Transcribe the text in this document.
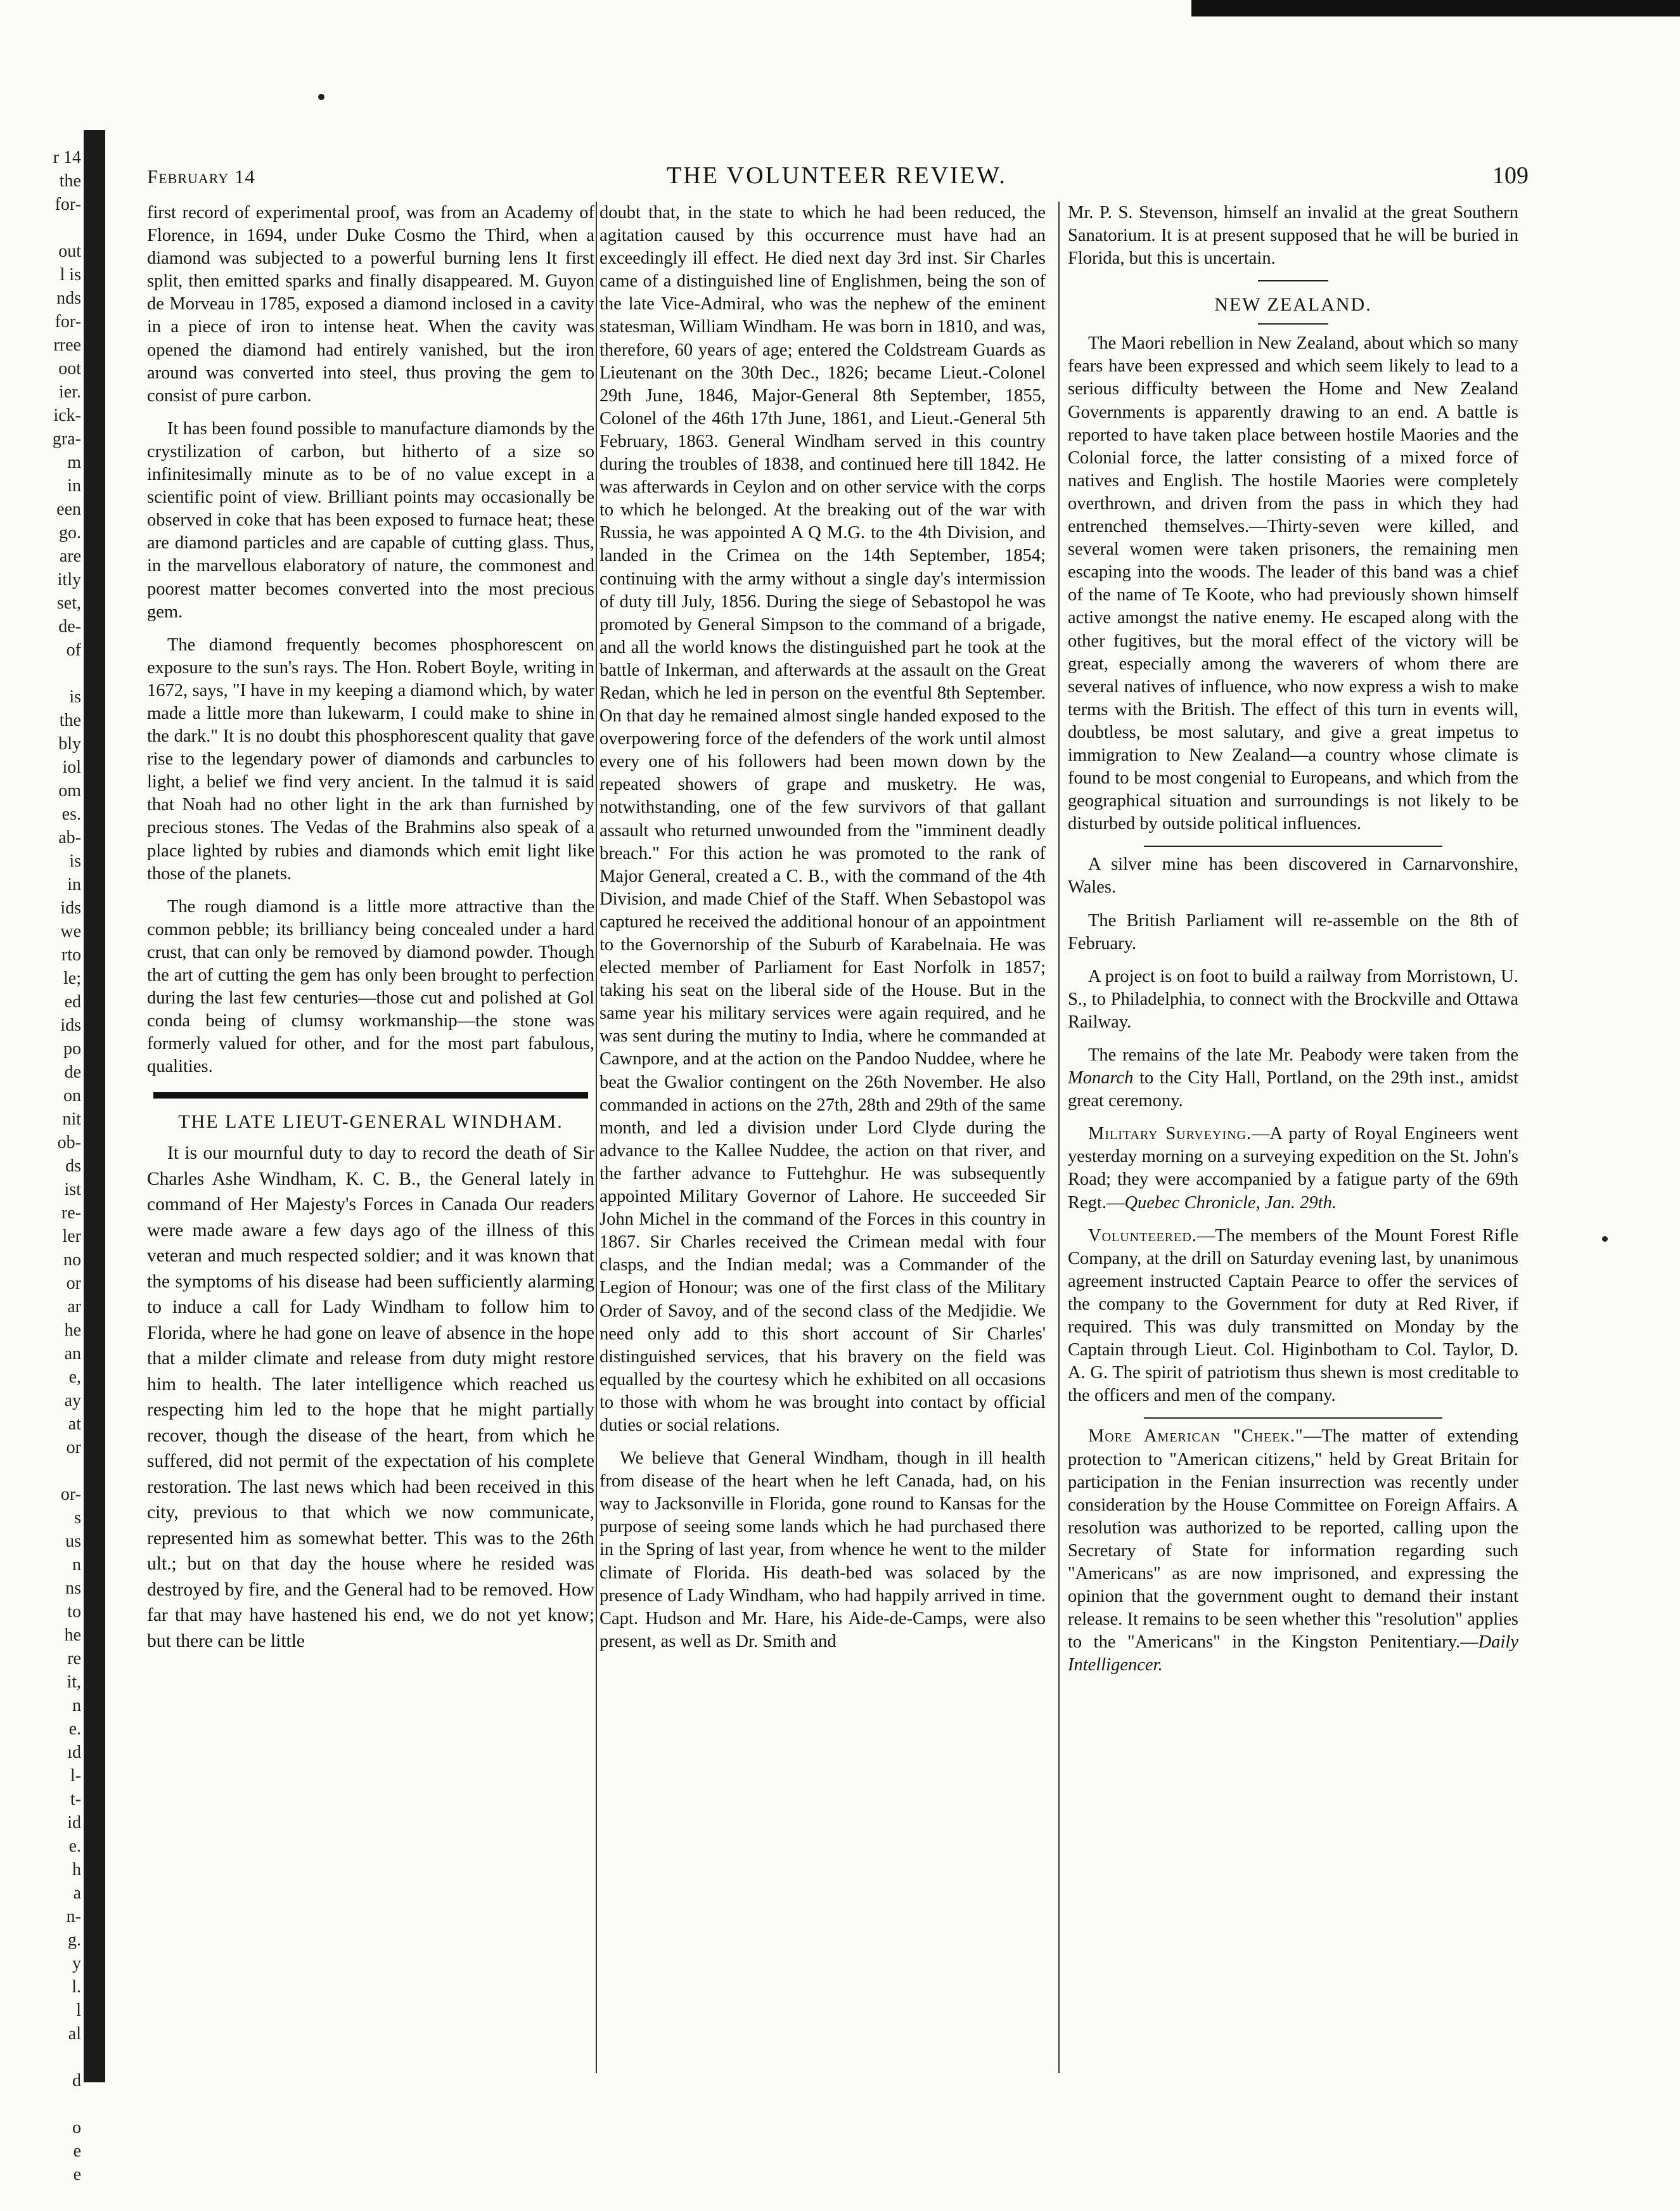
r 14
the
for-

out
l is
nds
for-
rree
oot
ier.
ick-
gra-
m
in
een
go.
are
itly
set,
de-
of

is
the
bly
iol
om
es.
ab-
is
in
ids
we
rto
le;
ed
ids
po
de
on
nit
ob-
ds
ist
re-
ler
no
or
ar
he
an
e,
ay
at
or

or-
s
us
n
ns
to
he
re
it,
n
e.
ıd
l-
t-
id
e.
h
a
n-
g.
y
l.
l
al

d

o
e
e
February 14	THE VOLUNTEER REVIEW.	109

first record of experimental proof, was from an Academy of Florence, in 1694, under Duke Cosmo the Third, when a diamond was subjected to a powerful burning lens It first split, then emitted sparks and finally disappeared. M. Guyon de Morveau in 1785, exposed a diamond inclosed in a cavity in a piece of iron to intense heat. When the cavity was opened the diamond had entirely vanished, but the iron around was converted into steel, thus proving the gem to consist of pure carbon.

It has been found possible to manufacture diamonds by the crystilization of carbon, but hitherto of a size so infinitesimally minute as to be of no value except in a scientific point of view. Brilliant points may occasionally be observed in coke that has been exposed to furnace heat; these are diamond particles and are capable of cutting glass. Thus, in the marvellous elaboratory of nature, the commonest and poorest matter becomes converted into the most precious gem.

The diamond frequently becomes phosphorescent on exposure to the sun's rays. The Hon. Robert Boyle, writing in 1672, says, "I have in my keeping a diamond which, by water made a little more than lukewarm, I could make to shine in the dark." It is no doubt this phosphorescent quality that gave rise to the legendary power of diamonds and carbuncles to light, a belief we find very ancient. In the talmud it is said that Noah had no other light in the ark than furnished by precious stones. The Vedas of the Brahmins also speak of a place lighted by rubies and diamonds which emit light like those of the planets.

The rough diamond is a little more attractive than the common pebble; its brilliancy being concealed under a hard crust, that can only be removed by diamond powder. Though the art of cutting the gem has only been brought to perfection during the last few centuries—those cut and polished at Gol conda being of clumsy workmanship—the stone was formerly valued for other, and for the most part fabulous, qualities.

THE LATE LIEUT-GENERAL WINDHAM.

It is our mournful duty to day to record the death of Sir Charles Ashe Windham, K. C. B., the General lately in command of Her Majesty's Forces in Canada Our readers were made aware a few days ago of the illness of this veteran and much respected soldier; and it was known that the symptoms of his disease had been sufficiently alarming to induce a call for Lady Windham to follow him to Florida, where he had gone on leave of absence in the hope that a milder climate and release from duty might restore him to health. The later intelligence which reached us respecting him led to the hope that he might partially recover, though the disease of the heart, from which he suffered, did not permit of the expectation of his complete restoration. The last news which had been received in this city, previous to that which we now communicate, represented him as somewhat better. This was to the 26th ult.; but on that day the house where he resided was destroyed by fire, and the General had to be removed. How far that may have hastened his end, we do not yet know; but there can be little

doubt that, in the state to which he had been reduced, the agitation caused by this occurrence must have had an exceedingly ill effect. He died next day 3rd inst. Sir Charles came of a distinguished line of Englishmen, being the son of the late Vice-Admiral, who was the nephew of the eminent statesman, William Windham. He was born in 1810, and was, therefore, 60 years of age; entered the Coldstream Guards as Lieutenant on the 30th Dec., 1826; became Lieut.-Colonel 29th June, 1846, Major-General 8th September, 1855, Colonel of the 46th 17th June, 1861, and Lieut.-General 5th February, 1863. General Windham served in this country during the troubles of 1838, and continued here till 1842. He was afterwards in Ceylon and on other service with the corps to which he belonged. At the breaking out of the war with Russia, he was appointed A Q M.G. to the 4th Division, and landed in the Crimea on the 14th September, 1854; continuing with the army without a single day's intermission of duty till July, 1856. During the siege of Sebastopol he was promoted by General Simpson to the command of a brigade, and all the world knows the distinguished part he took at the battle of Inkerman, and afterwards at the assault on the Great Redan, which he led in person on the eventful 8th September. On that day he remained almost single handed exposed to the overpowering force of the defenders of the work until almost every one of his followers had been mown down by the repeated showers of grape and musketry. He was, notwithstanding, one of the few survivors of that gallant assault who returned unwounded from the "imminent deadly breach." For this action he was promoted to the rank of Major General, created a C. B., with the command of the 4th Division, and made Chief of the Staff. When Sebastopol was captured he received the additional honour of an appointment to the Governorship of the Suburb of Karabelnaia. He was elected member of Parliament for East Norfolk in 1857; taking his seat on the liberal side of the House. But in the same year his military services were again required, and he was sent during the mutiny to India, where he commanded at Cawnpore, and at the action on the Pandoo Nuddee, where he beat the Gwalior contingent on the 26th November. He also commanded in actions on the 27th, 28th and 29th of the same month, and led a division under Lord Clyde during the advance to the Kallee Nuddee, the action on that river, and the farther advance to Futtehghur. He was subsequently appointed Military Governor of Lahore. He succeeded Sir John Michel in the command of the Forces in this country in 1867. Sir Charles received the Crimean medal with four clasps, and the Indian medal; was a Commander of the Legion of Honour; was one of the first class of the Military Order of Savoy, and of the second class of the Medjidie. We need only add to this short account of Sir Charles' distinguished services, that his bravery on the field was equalled by the courtesy which he exhibited on all occasions to those with whom he was brought into contact by official duties or social relations.

We believe that General Windham, though in ill health from disease of the heart when he left Canada, had, on his way to Jacksonville in Florida, gone round to Kansas for the purpose of seeing some lands which he had purchased there in the Spring of last year, from whence he went to the milder climate of Florida. His death-bed was solaced by the presence of Lady Windham, who had happily arrived in time. Capt. Hudson and Mr. Hare, his Aide-de-Camps, were also present, as well as Dr. Smith and

Mr. P. S. Stevenson, himself an invalid at the great Southern Sanatorium. It is at present supposed that he will be buried in Florida, but this is uncertain.

NEW ZEALAND.

The Maori rebellion in New Zealand, about which so many fears have been expressed and which seem likely to lead to a serious difficulty between the Home and New Zealand Governments is apparently drawing to an end. A battle is reported to have taken place between hostile Maories and the Colonial force, the latter consisting of a mixed force of natives and English. The hostile Maories were completely overthrown, and driven from the pass in which they had entrenched themselves.—Thirty-seven were killed, and several women were taken prisoners, the remaining men escaping into the woods. The leader of this band was a chief of the name of Te Koote, who had previously shown himself active amongst the native enemy. He escaped along with the other fugitives, but the moral effect of the victory will be great, especially among the waverers of whom there are several natives of influence, who now express a wish to make terms with the British. The effect of this turn in events will, doubtless, be most salutary, and give a great impetus to immigration to New Zealand—a country whose climate is found to be most congenial to Europeans, and which from the geographical situation and surroundings is not likely to be disturbed by outside political influences.

A silver mine has been discovered in Carnarvonshire, Wales.

The British Parliament will re-assemble on the 8th of February.

A project is on foot to build a railway from Morristown, U. S., to Philadelphia, to connect with the Brockville and Ottawa Railway.

The remains of the late Mr. Peabody were taken from the Monarch to the City Hall, Portland, on the 29th inst., amidst great ceremony.

Military Surveying.—A party of Royal Engineers went yesterday morning on a surveying expedition on the St. John's Road; they were accompanied by a fatigue party of the 69th Regt.—Quebec Chronicle, Jan. 29th.

Volunteered.—The members of the Mount Forest Rifle Company, at the drill on Saturday evening last, by unanimous agreement instructed Captain Pearce to offer the services of the company to the Government for duty at Red River, if required. This was duly transmitted on Monday by the Captain through Lieut. Col. Higinbotham to Col. Taylor, D. A. G. The spirit of patriotism thus shewn is most creditable to the officers and men of the company.

More American "Cheek."—The matter of extending protection to "American citizens," held by Great Britain for participation in the Fenian insurrection was recently under consideration by the House Committee on Foreign Affairs. A resolution was authorized to be reported, calling upon the Secretary of State for information regarding such "Americans" as are now imprisoned, and expressing the opinion that the government ought to demand their instant release. It remains to be seen whether this "resolution" applies to the "Americans" in the Kingston Penitentiary.—Daily Intelligencer.
